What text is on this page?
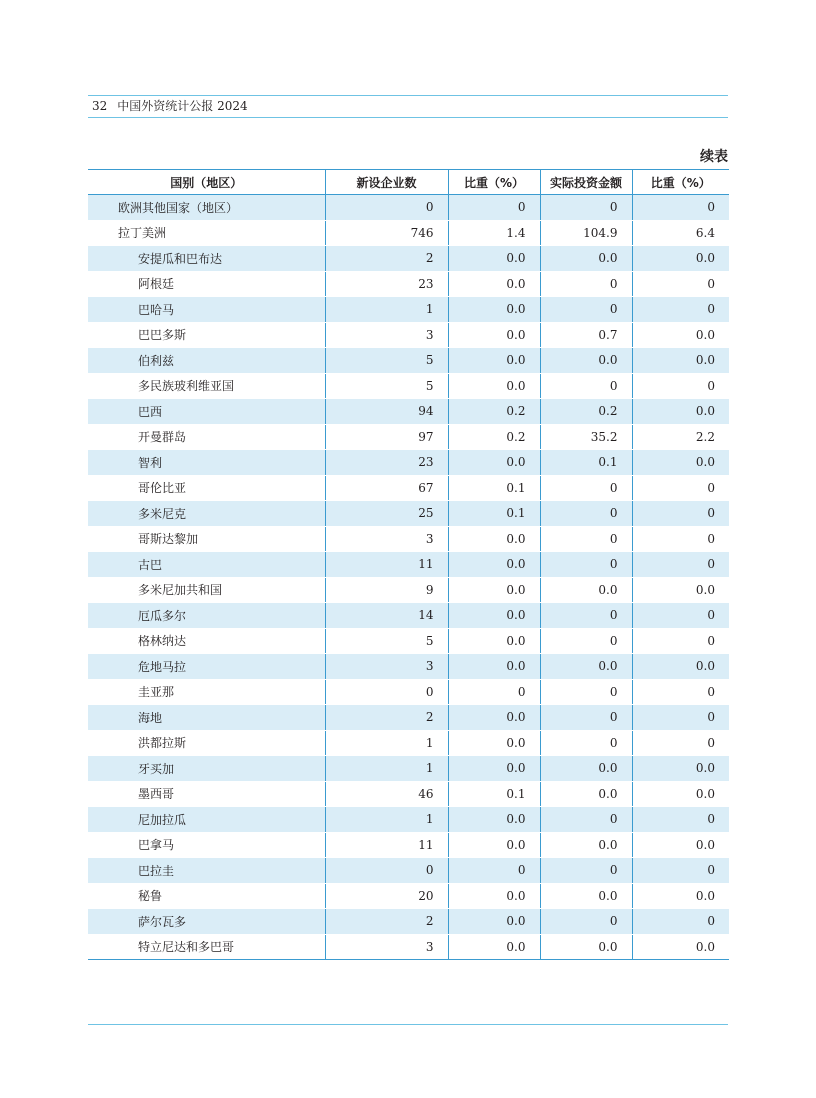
32 中国外资统计公报 2024
续表
国别（地区）	新设企业数	比重（%）	实际投资金额	比重（%）
欧洲其他国家（地区）	0	0	0	0
拉丁美洲	746	1.4	104.9	6.4
安提瓜和巴布达	2	0.0	0.0	0.0
阿根廷	23	0.0	0	0
巴哈马	1	0.0	0	0
巴巴多斯	3	0.0	0.7	0.0
伯利兹	5	0.0	0.0	0.0
多民族玻利维亚国	5	0.0	0	0
巴西	94	0.2	0.2	0.0
开曼群岛	97	0.2	35.2	2.2
智利	23	0.0	0.1	0.0
哥伦比亚	67	0.1	0	0
多米尼克	25	0.1	0	0
哥斯达黎加	3	0.0	0	0
古巴	11	0.0	0	0
多米尼加共和国	9	0.0	0.0	0.0
厄瓜多尔	14	0.0	0	0
格林纳达	5	0.0	0	0
危地马拉	3	0.0	0.0	0.0
圭亚那	0	0	0	0
海地	2	0.0	0	0
洪都拉斯	1	0.0	0	0
牙买加	1	0.0	0.0	0.0
墨西哥	46	0.1	0.0	0.0
尼加拉瓜	1	0.0	0	0
巴拿马	11	0.0	0.0	0.0
巴拉圭	0	0	0	0
秘鲁	20	0.0	0.0	0.0
萨尔瓦多	2	0.0	0	0
特立尼达和多巴哥	3	0.0	0.0	0.0
